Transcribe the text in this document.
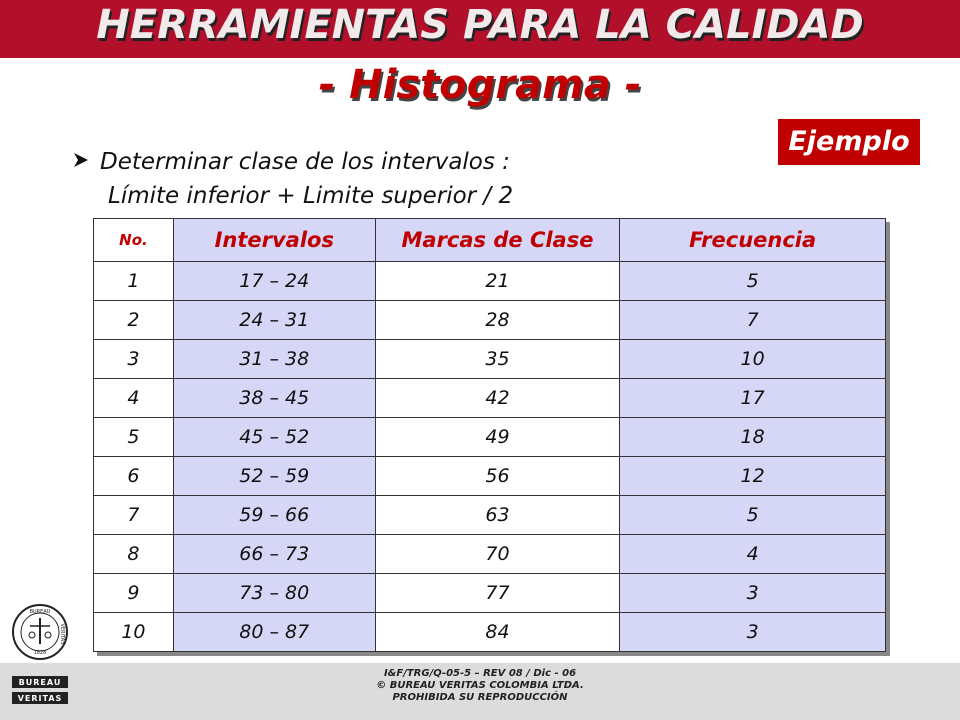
HERRAMIENTAS PARA LA CALIDAD
- Histograma -
Ejemplo
Determinar clase de los intervalos :
Límite inferior + Limite superior / 2
No.	Intervalos	Marcas de Clase	Frecuencia
1	17 – 24	21	5
2	24 – 31	28	7
3	31 – 38	35	10
4	38 – 45	42	17
5	45 – 52	49	18
6	52 – 59	56	12
7	59 – 66	63	5
8	66 – 73	70	4
9	73 – 80	77	3
10	80 – 87	84	3
BUREAU
VERITAS
1828
BUREAU
VERITAS
I&F/TRG/Q-05-5 – REV 08 / Dic - 06
© BUREAU VERITAS COLOMBIA LTDA.
PROHIBIDA SU REPRODUCCIÓN
